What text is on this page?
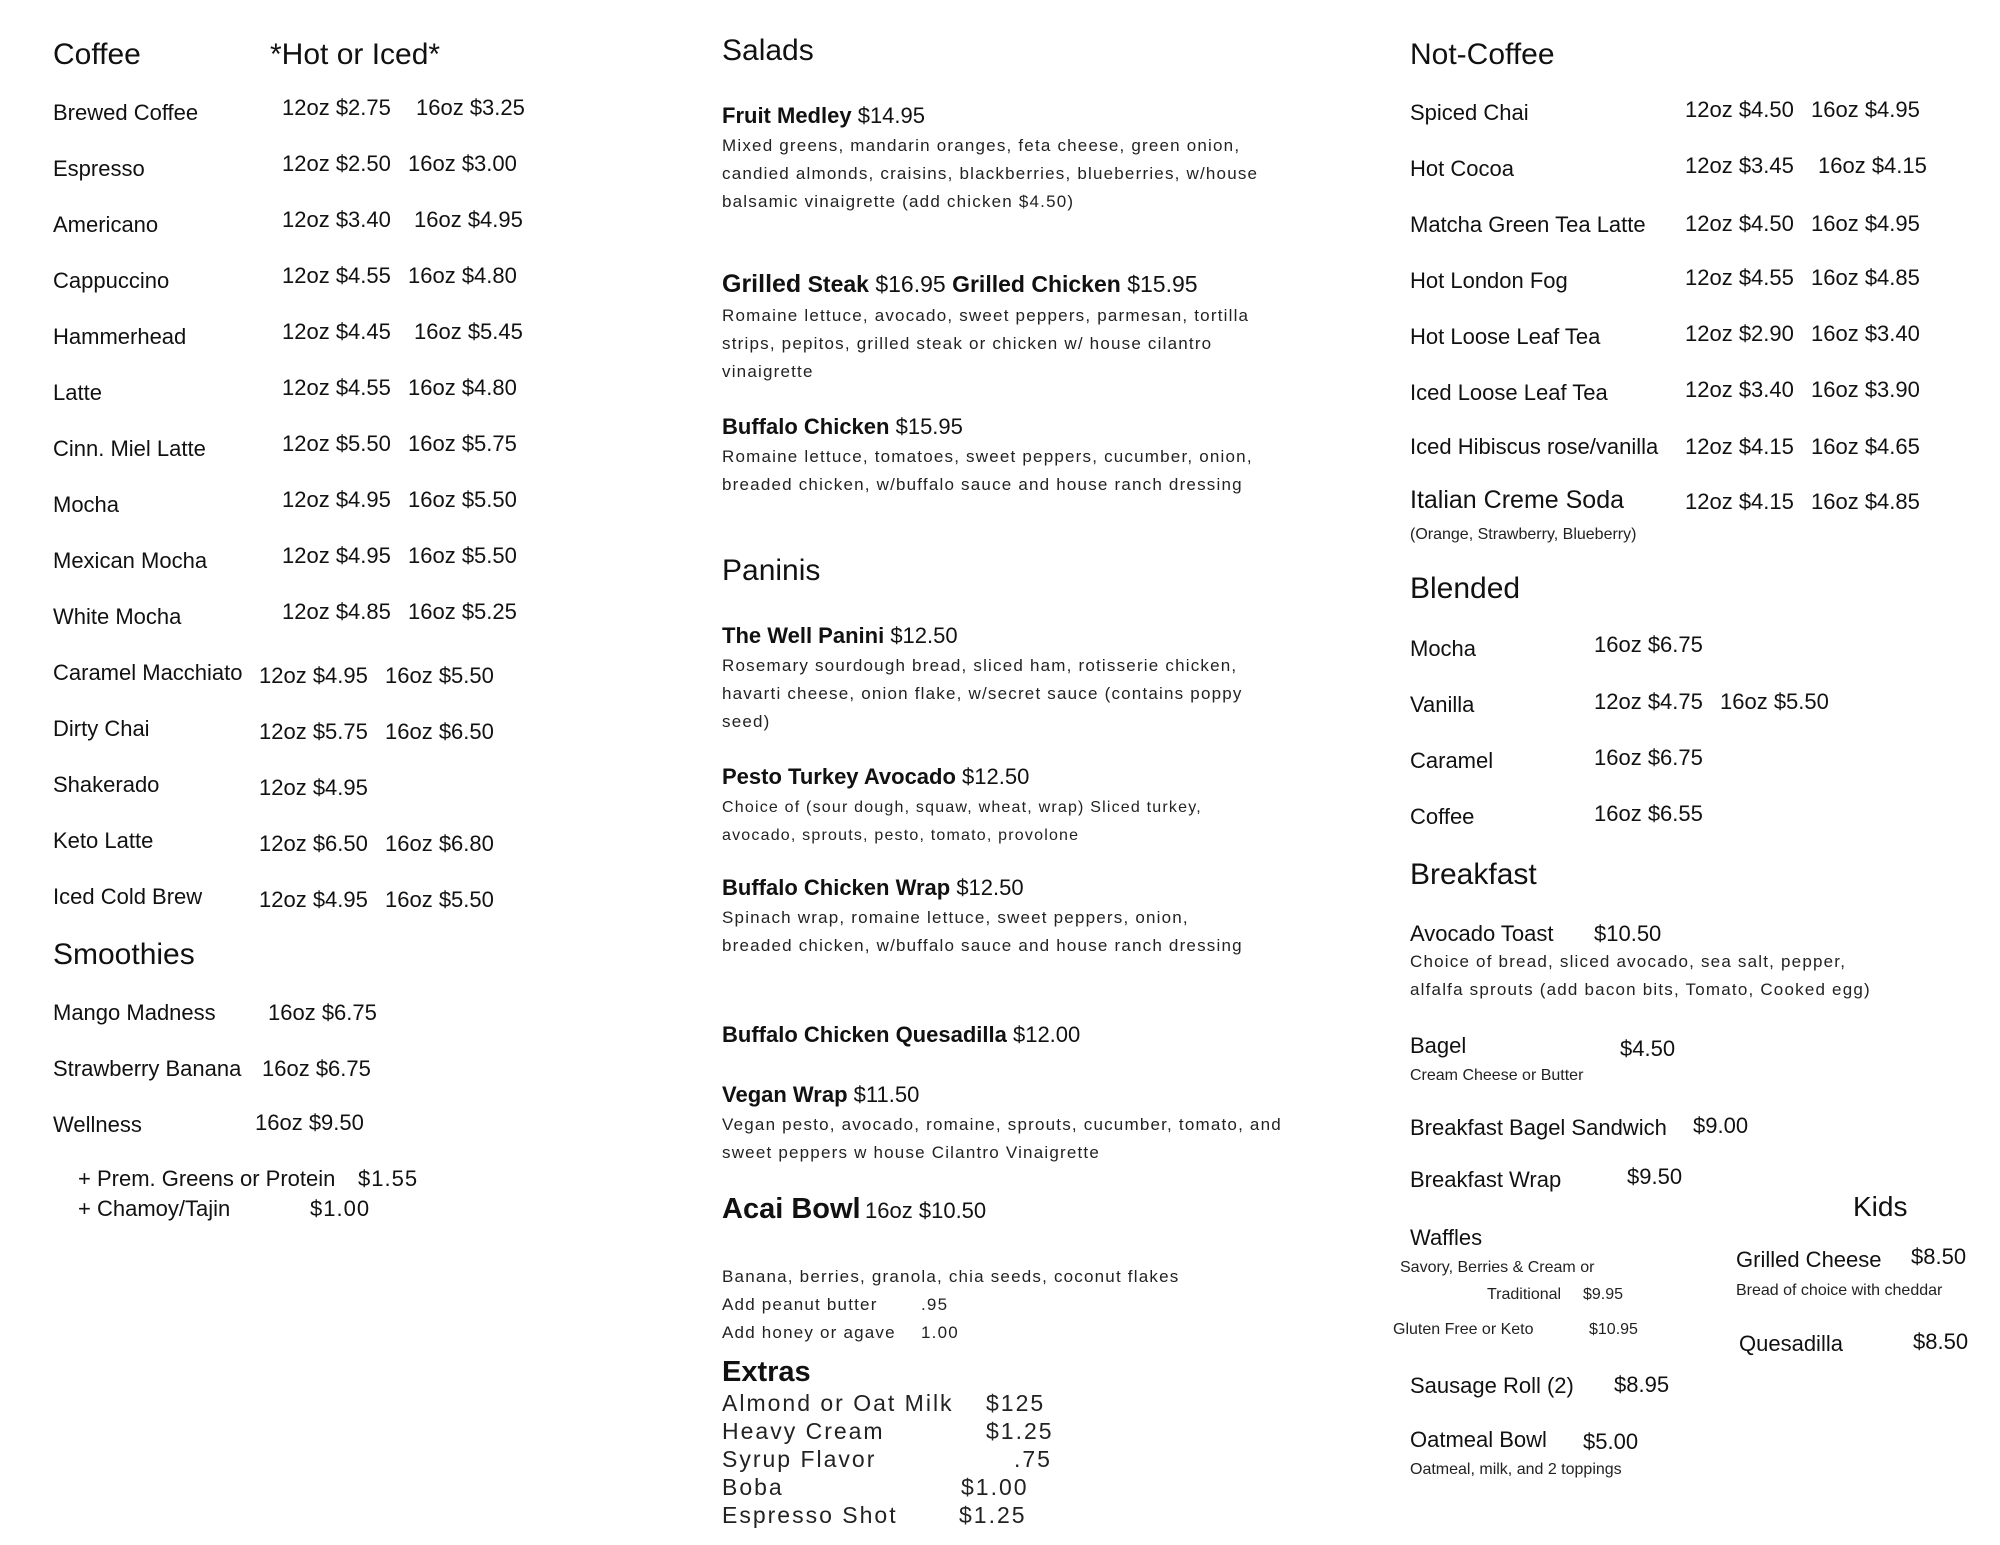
Coffee	*Hot or Iced*
Brewed Coffee	12oz $2.75 16oz $3.25
Espresso	12oz $2.50 16oz $3.00
Americano	12oz $3.40 16oz $4.95
Cappuccino	12oz $4.55 16oz $4.80
Hammerhead	12oz $4.45 16oz $5.45
Latte	12oz $4.55 16oz $4.80
Cinn. Miel Latte	12oz $5.50 16oz $5.75
Mocha	12oz $4.95 16oz $5.50
Mexican Mocha	12oz $4.95 16oz $5.50
White Mocha	12oz $4.85 16oz $5.25
Caramel Macchiato 12oz $4.95 16oz $5.50
Dirty Chai	12oz $5.75 16oz $6.50
Shakerado	12oz $4.95
Keto Latte	12oz $6.50 16oz $6.80
Iced Cold Brew	12oz $4.95 16oz $5.50
Smoothies
Mango Madness 16oz $6.75
Strawberry Banana 16oz $6.75
Wellness	16oz $9.50
+ Prem. Greens or Protein $1.55
+ Chamoy/Tajin	$1.00
Salads
Fruit Medley $14.95
Mixed greens, mandarin oranges, feta cheese, green onion, candied almonds, craisins, blackberries, blueberries, w/house balsamic vinaigrette (add chicken $4.50)
Grilled Steak $16.95 Grilled Chicken $15.95
Romaine lettuce, avocado, sweet peppers, parmesan, tortilla strips, pepitos, grilled steak or chicken w/ house cilantro vinaigrette
Buffalo Chicken $15.95
Romaine lettuce, tomatoes, sweet peppers, cucumber, onion, breaded chicken, w/buffalo sauce and house ranch dressing
Paninis
The Well Panini $12.50
Rosemary sourdough bread, sliced ham, rotisserie chicken, havarti cheese, onion flake, w/secret sauce (contains poppy seed)
Pesto Turkey Avocado $12.50
Choice of (sour dough, squaw, wheat, wrap) Sliced turkey, avocado, sprouts, pesto, tomato, provolone
Buffalo Chicken Wrap $12.50
Spinach wrap, romaine lettuce, sweet peppers, onion, breaded chicken, w/buffalo sauce and house ranch dressing
Buffalo Chicken Quesadilla $12.00
Vegan Wrap $11.50
Vegan pesto, avocado, romaine, sprouts, cucumber, tomato, and sweet peppers w house Cilantro Vinaigrette
Acai Bowl 16oz $10.50
Banana, berries, granola, chia seeds, coconut flakes
Add peanut butter	.95
Add honey or agave 1.00
Extras
Almond or Oat Milk $125
Heavy Cream	$1.25
Syrup Flavor	.75
Boba	$1.00
Espresso Shot	$1.25
Not-Coffee
Spiced Chai	12oz $4.50 16oz $4.95
Hot Cocoa	12oz $3.45 16oz $4.15
Matcha Green Tea Latte 12oz $4.50 16oz $4.95
Hot London Fog	12oz $4.55 16oz $4.85
Hot Loose Leaf Tea	12oz $2.90 16oz $3.40
Iced Loose Leaf Tea	12oz $3.40 16oz $3.90
Iced Hibiscus rose/vanilla 12oz $4.15 16oz $4.65
Italian Creme Soda	12oz $4.15 16oz $4.85
(Orange, Strawberry, Blueberry)
Blended
Mocha	16oz $6.75
Vanilla	12oz $4.75 16oz $5.50
Caramel	16oz $6.75
Coffee	16oz $6.55
Breakfast
Avocado Toast $10.50
Choice of bread, sliced avocado, sea salt, pepper, alfalfa sprouts (add bacon bits, Tomato, Cooked egg)
Bagel	$4.50
Cream Cheese or Butter
Breakfast Bagel Sandwich $9.00
Breakfast Wrap	$9.50
Waffles
Savory, Berries & Cream or
Traditional $9.95
Gluten Free or Keto	$10.95
Sausage Roll (2) $8.95
Oatmeal Bowl $5.00
Oatmeal, milk, and 2 toppings
Kids
Grilled Cheese $8.50
Bread of choice with cheddar
Quesadilla	$8.50
